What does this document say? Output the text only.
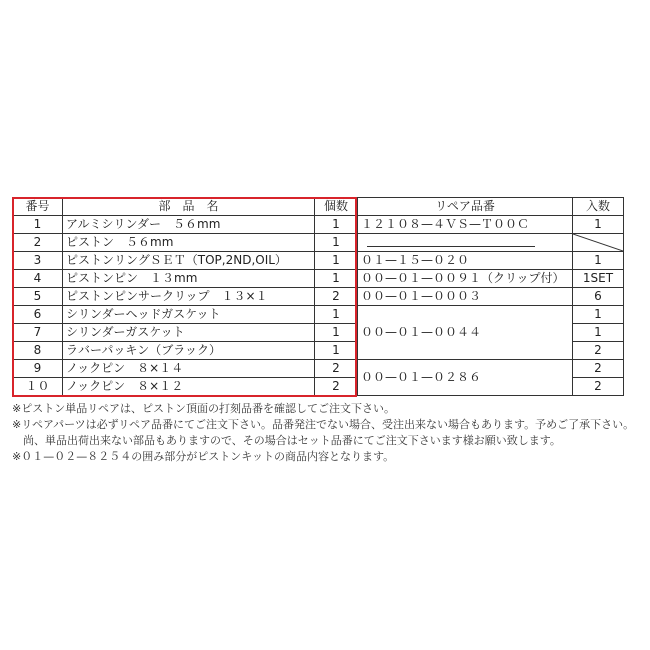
番号	部　品　名	個数	リペア品番	入数
1	アルミシリンダー　５６mm	1	１２１０８—４ＶＳ—Ｔ００Ｃ	1
2	ピストン　５６mm	1		

3	ピストンリングＳＥＴ（TOP,2ND,OIL）	1	０１—１５—０２０	1
4	ピストンピン　１３mm	1	００—０１—００９１（クリップ付）	1SET
5	ピストンピンサークリップ　１３×１	2	００—０１—０００３	6
6	シリンダーヘッドガスケット	1	００—０１—００４４	1
7	シリンダーガスケット	1		1
8	ラバーパッキン（ブラック）	1		2
9	ノックピン　８×１４	2	００—０１—０２８６	2
１０	ノックピン　８×１２	2		2
※ピストン単品リペアは、ピストン頂面の打刻品番を確認してご注文下さい。
※リペアパーツは必ずリペア品番にてご注文下さい。品番発注でない場合、受注出来ない場合もあります。予めご了承下さい。
　尚、単品出荷出来ない部品もありますので、その場合はセット品番にてご注文下さいます様お願い致します。
※０１—０２—８２５４の囲み部分がピストンキットの商品内容となります。
